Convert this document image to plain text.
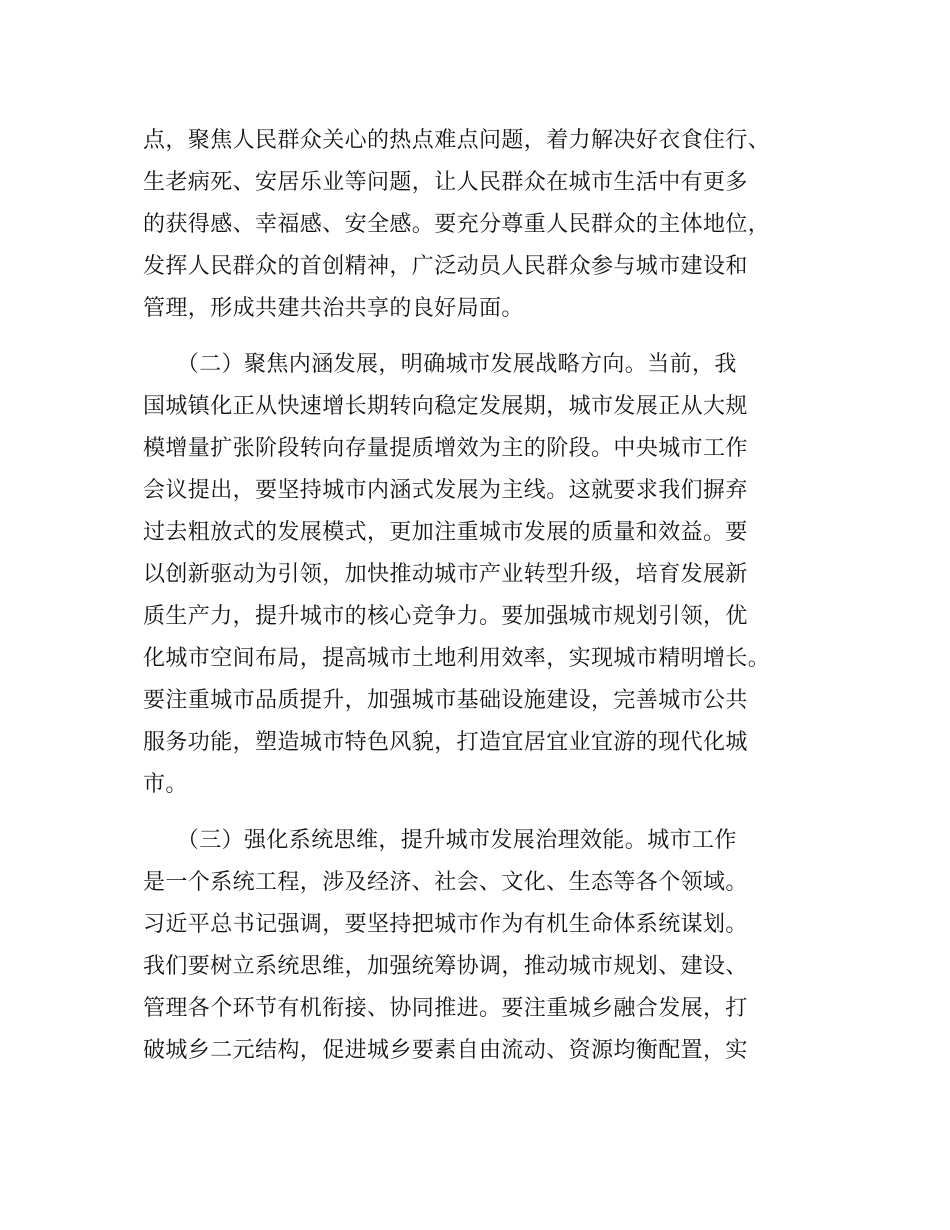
点，聚焦人民群众关心的热点难点问题，着力解决好衣食住行、
生老病死、安居乐业等问题，让人民群众在城市生活中有更多
的获得感、幸福感、安全感。要充分尊重人民群众的主体地位，
发挥人民群众的首创精神，广泛动员人民群众参与城市建设和
管理，形成共建共治共享的良好局面。
　　（二）聚焦内涵发展，明确城市发展战略方向。当前，我
国城镇化正从快速增长期转向稳定发展期，城市发展正从大规
模增量扩张阶段转向存量提质增效为主的阶段。中央城市工作
会议提出，要坚持城市内涵式发展为主线。这就要求我们摒弃
过去粗放式的发展模式，更加注重城市发展的质量和效益。要
以创新驱动为引领，加快推动城市产业转型升级，培育发展新
质生产力，提升城市的核心竞争力。要加强城市规划引领，优
化城市空间布局，提高城市土地利用效率，实现城市精明增长。
要注重城市品质提升，加强城市基础设施建设，完善城市公共
服务功能，塑造城市特色风貌，打造宜居宜业宜游的现代化城
市。
　　（三）强化系统思维，提升城市发展治理效能。城市工作
是一个系统工程，涉及经济、社会、文化、生态等各个领域。
习近平总书记强调，要坚持把城市作为有机生命体系统谋划。
我们要树立系统思维，加强统筹协调，推动城市规划、建设、
管理各个环节有机衔接、协同推进。要注重城乡融合发展，打
破城乡二元结构，促进城乡要素自由流动、资源均衡配置，实
